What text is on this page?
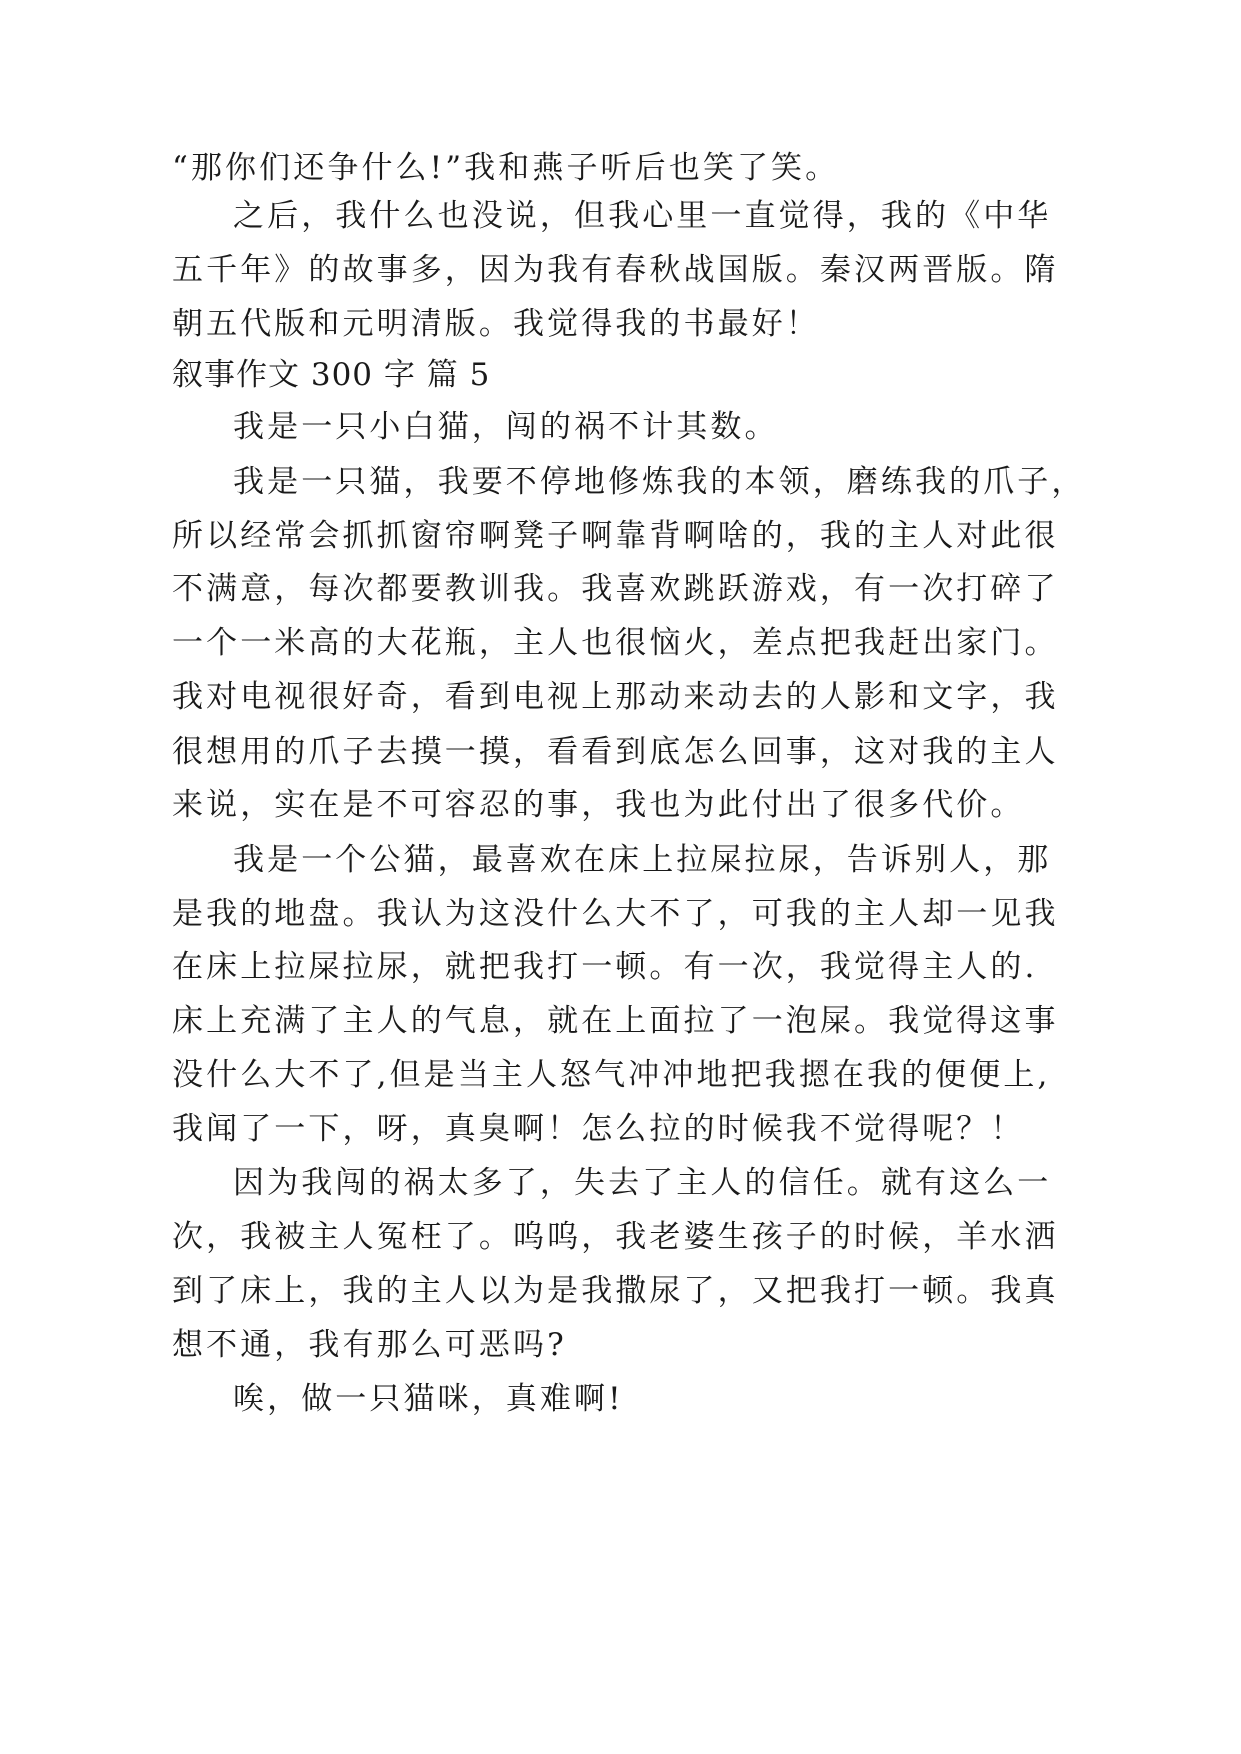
“那你们还争什么!”我和燕子听后也笑了笑。

之后，我什么也没说，但我心里一直觉得，我的《中华

五千年》的故事多，因为我有春秋战国版。秦汉两晋版。隋

朝五代版和元明清版。我觉得我的书最好！

叙事作文 300 字 篇 5

我是一只小白猫，闯的祸不计其数。

我是一只猫，我要不停地修炼我的本领，磨练我的爪子，

所以经常会抓抓窗帘啊凳子啊靠背啊啥的，我的主人对此很

不满意，每次都要教训我。我喜欢跳跃游戏，有一次打碎了

一个一米高的大花瓶，主人也很恼火，差点把我赶出家门。

我对电视很好奇，看到电视上那动来动去的人影和文字，我

很想用的爪子去摸一摸，看看到底怎么回事，这对我的主人

来说，实在是不可容忍的事，我也为此付出了很多代价。

我是一个公猫，最喜欢在床上拉屎拉尿，告诉别人，那

是我的地盘。我认为这没什么大不了，可我的主人却一见我

在床上拉屎拉尿，就把我打一顿。有一次，我觉得主人的.

床上充满了主人的气息，就在上面拉了一泡屎。我觉得这事

没什么大不了,但是当主人怒气冲冲地把我摁在我的便便上,

我闻了一下，呀，真臭啊！怎么拉的时候我不觉得呢？！

因为我闯的祸太多了，失去了主人的信任。就有这么一

次，我被主人冤枉了。呜呜，我老婆生孩子的时候，羊水洒

到了床上，我的主人以为是我撒尿了，又把我打一顿。我真

想不通，我有那么可恶吗?

唉，做一只猫咪，真难啊!
